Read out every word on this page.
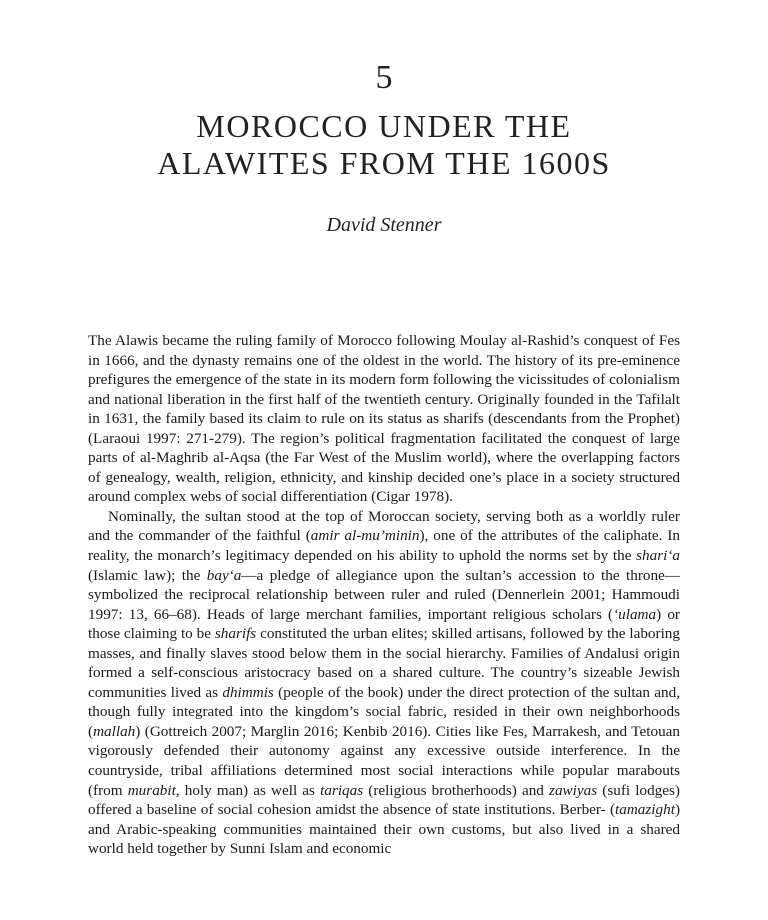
5
MOROCCO UNDER THE
ALAWITES FROM THE 1600S
David Stenner

The Alawis became the ruling family of Morocco following Moulay al-Rashid’s conquest of Fes in 1666, and the dynasty remains one of the oldest in the world. The history of its pre-eminence prefigures the emergence of the state in its modern form following the vicissitudes of colonialism and national liberation in the first half of the twentieth century. Originally founded in the Tafilalt in 1631, the family based its claim to rule on its status as sharifs (descendants from the Prophet) (Laraoui 1997: 271-279). The region’s political fragmentation facilitated the conquest of large parts of al-Maghrib al-Aqsa (the Far West of the Muslim world), where the overlapping factors of genealogy, wealth, religion, ethnicity, and kinship decided one’s place in a society structured around complex webs of social differentiation (Cigar 1978).

Nominally, the sultan stood at the top of Moroccan society, serving both as a worldly ruler and the commander of the faithful (amir al-mu’minin), one of the attributes of the caliphate. In reality, the monarch’s legitimacy depended on his ability to uphold the norms set by the shari‘a (Islamic law); the bay‘a—a pledge of allegiance upon the sultan’s accession to the throne—symbolized the reciprocal relationship between ruler and ruled (Dennerlein 2001; Hammoudi 1997: 13, 66–68). Heads of large merchant families, important religious scholars (‘ulama) or those claiming to be sharifs constituted the urban elites; skilled artisans, followed by the laboring masses, and finally slaves stood below them in the social hierarchy. Families of Andalusi origin formed a self-conscious aristocracy based on a shared culture. The country’s sizeable Jewish communities lived as dhimmis (people of the book) under the direct protection of the sultan and, though fully integrated into the kingdom’s social fabric, resided in their own neighborhoods (mallah) (Gottreich 2007; Marglin 2016; Kenbib 2016). Cities like Fes, Marrakesh, and Tetouan vigorously defended their autonomy against any excessive outside interference. In the countryside, tribal affiliations determined most social interactions while popular marabouts (from murabit, holy man) as well as tariqas (religious brotherhoods) and zawiyas (sufi lodges) offered a baseline of social cohesion amidst the absence of state institutions. Berber- (tamazight) and Arabic-speaking communities maintained their own customs, but also lived in a shared world held together by Sunni Islam and economic
